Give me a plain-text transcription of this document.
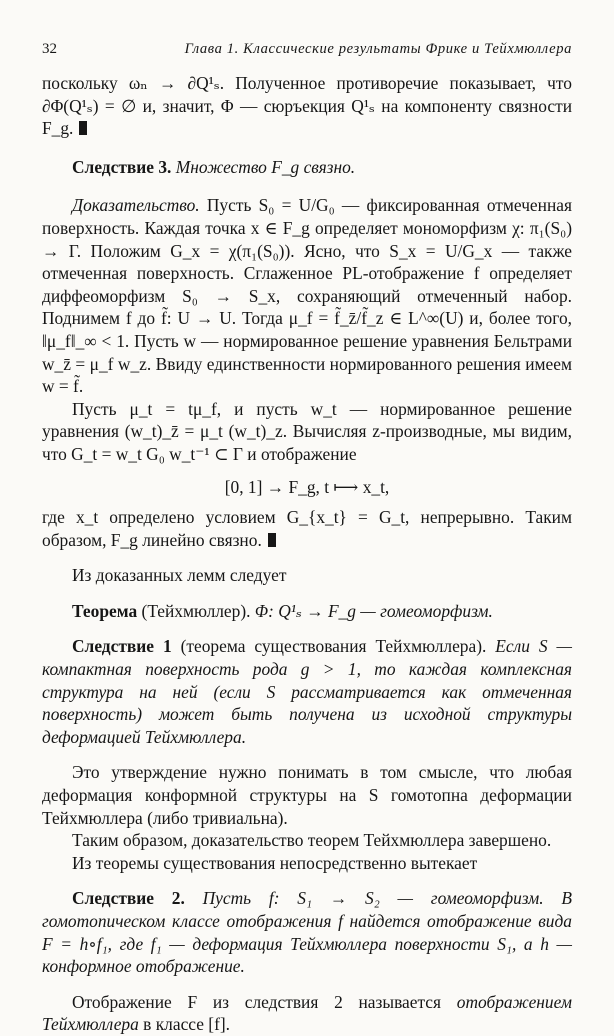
32	Глава 1. Классические результаты Фрике и Тейхмюллера

поскольку ωₙ → ∂Q¹ₛ. Полученное противоречие показывает, что ∂Φ(Q¹ₛ) = ∅ и, значит, Φ — сюръекция Q¹ₛ на компоненту связности F_g.

Следствие 3. Множество F_g связно.

Доказательство. Пусть S₀ = U/G₀ — фиксированная отмеченная поверхность. Каждая точка x ∈ F_g определяет мономорфизм χ: π₁(S₀) → Γ. Положим G_x = χ(π₁(S₀)). Ясно, что S_x = U/G_x — также отмеченная поверхность. Сглаженное PL-отображение f определяет диффеоморфизм S₀ → S_x, сохраняющий отмеченный набор. Поднимем f до f̃: U → U. Тогда μ_f = f̃_z̄/f̃_z ∈ L^∞(U) и, более того, ‖μ_f‖_∞ < 1. Пусть w — нормированное решение уравнения Бельтрами w_z̄ = μ_f w_z. Ввиду единственности нормированного решения имеем w = f̃.

Пусть μ_t = tμ_f, и пусть w_t — нормированное решение уравнения (w_t)_z̄ = μ_t (w_t)_z. Вычисляя z-производные, мы видим, что G_t = w_t G₀ w_t⁻¹ ⊂ Γ и отображение

[0, 1] → F_g, t ⟼ x_t,

где x_t определено условием G_{x_t} = G_t, непрерывно. Таким образом, F_g линейно связно.

Из доказанных лемм следует

Теорема (Тейхмюллер). Φ: Q¹ₛ → F_g — гомеоморфизм.

Следствие 1 (теорема существования Тейхмюллера). Если S — компактная поверхность рода g > 1, то каждая комплексная структура на ней (если S рассматривается как отмеченная поверхность) может быть получена из исходной структуры деформацией Тейхмюллера.

Это утверждение нужно понимать в том смысле, что любая деформация конформной структуры на S гомотопна деформации Тейхмюллера (либо тривиальна).

Таким образом, доказательство теорем Тейхмюллера завершено.

Из теоремы существования непосредственно вытекает

Следствие 2. Пусть f: S₁ → S₂ — гомеоморфизм. В гомотопическом классе отображения f найдется отображение вида F = h∘f₁, где f₁ — деформация Тейхмюллера поверхности S₁, а h — конформное отображение.

Отображение F из следствия 2 называется отображением Тейхмюллера в классе [f].
